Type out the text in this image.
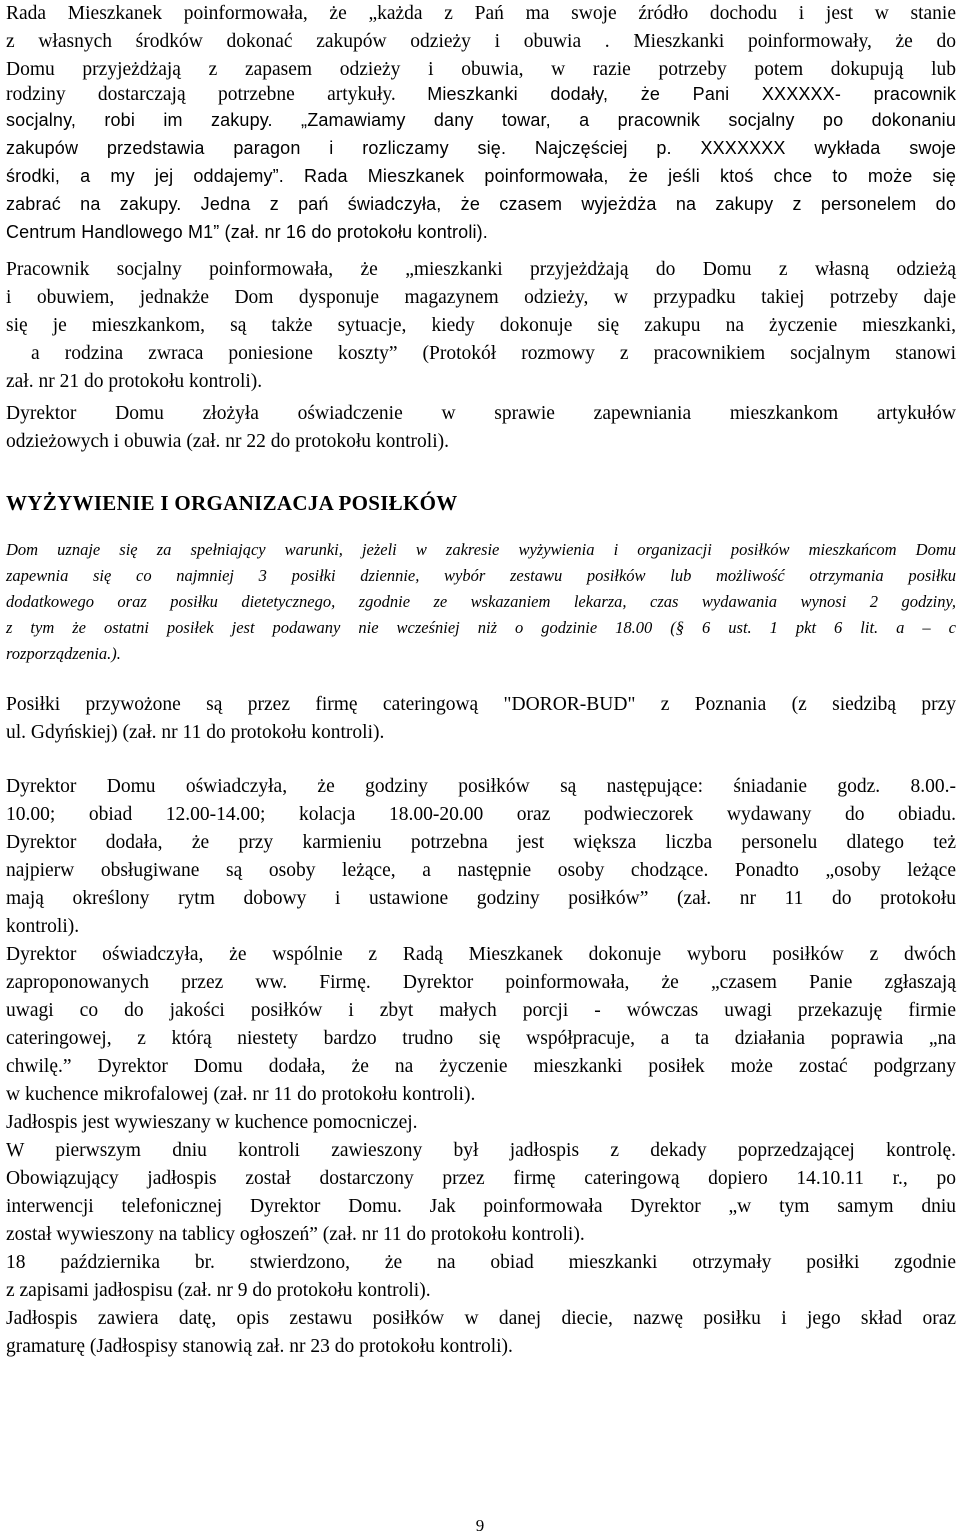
Rada Mieszkanek poinformowała, że „każda z Pań ma swoje źródło dochodu i jest w stanie
z własnych środków dokonać zakupów odzieży i obuwia . Mieszkanki poinformowały, że do
Domu przyjeżdżają z zapasem odzieży i obuwia, w razie potrzeby potem dokupują lub
rodziny dostarczają potrzebne artykuły. Mieszkanki dodały, że Pani XXXXXX- pracownik
socjalny, robi im zakupy. „Zamawiamy dany towar, a pracownik socjalny po dokonaniu
zakupów przedstawia paragon i rozliczamy się. Najczęściej p. XXXXXXX wykłada swoje
środki, a my jej oddajemy”. Rada Mieszkanek poinformowała, że jeśli ktoś chce to może się
zabrać na zakupy. Jedna z pań świadczyła, że czasem wyjeżdża na zakupy z personelem do
Centrum Handlowego M1” (zał. nr 16 do protokołu kontroli).
Pracownik socjalny poinformowała, że „mieszkanki przyjeżdżają do Domu z własną odzieżą
i obuwiem, jednakże Dom dysponuje magazynem odzieży, w przypadku takiej potrzeby daje
się je mieszkankom, są także sytuacje, kiedy dokonuje się zakupu na życzenie mieszkanki,
a rodzina zwraca poniesione koszty” (Protokół rozmowy z pracownikiem socjalnym stanowi
zał. nr 21 do protokołu kontroli).
Dyrektor Domu złożyła oświadczenie w sprawie zapewniania mieszkankom artykułów
odzieżowych i obuwia (zał. nr 22 do protokołu kontroli).
WYŻYWIENIE I ORGANIZACJA POSIŁKÓW
Dom uznaje się za spełniający warunki, jeżeli w zakresie wyżywienia i organizacji posiłków mieszkańcom Domu
zapewnia się co najmniej 3 posiłki dziennie, wybór zestawu posiłków lub możliwość otrzymania posiłku
dodatkowego oraz posiłku dietetycznego, zgodnie ze wskazaniem lekarza, czas wydawania wynosi 2 godziny,
z tym że ostatni posiłek jest podawany nie wcześniej niż o godzinie 18.00 (§ 6 ust. 1 pkt 6 lit. a – c
rozporządzenia.).
Posiłki przywożone są przez firmę cateringową "DOROR-BUD" z Poznania (z siedzibą przy
ul. Gdyńskiej) (zał. nr 11 do protokołu kontroli).
Dyrektor Domu oświadczyła, że godziny posiłków są następujące: śniadanie godz. 8.00.-
10.00; obiad 12.00-14.00; kolacja 18.00-20.00 oraz podwieczorek wydawany do obiadu.
Dyrektor dodała, że przy karmieniu potrzebna jest większa liczba personelu dlatego też
najpierw obsługiwane są osoby leżące, a następnie osoby chodzące. Ponadto „osoby leżące
mają określony rytm dobowy i ustawione godziny posiłków” (zał. nr 11 do protokołu
kontroli).
Dyrektor oświadczyła, że wspólnie z Radą Mieszkanek dokonuje wyboru posiłków z dwóch
zaproponowanych przez ww. Firmę. Dyrektor poinformowała, że „czasem Panie zgłaszają
uwagi co do jakości posiłków i zbyt małych porcji - wówczas uwagi przekazuję firmie
cateringowej, z którą niestety bardzo trudno się współpracuje, a ta działania poprawia „na
chwilę.” Dyrektor Domu dodała, że na życzenie mieszkanki posiłek może zostać podgrzany
w kuchence mikrofalowej (zał. nr 11 do protokołu kontroli).
Jadłospis jest wywieszany w kuchence pomocniczej.
W pierwszym dniu kontroli zawieszony był jadłospis z dekady poprzedzającej kontrolę.
Obowiązujący jadłospis został dostarczony przez firmę cateringową dopiero 14.10.11 r., po
interwencji telefonicznej Dyrektor Domu. Jak poinformowała Dyrektor „w tym samym dniu
został wywieszony na tablicy ogłoszeń” (zał. nr 11 do protokołu kontroli).
18 października br. stwierdzono, że na obiad mieszkanki otrzymały posiłki zgodnie
z zapisami jadłospisu (zał. nr 9 do protokołu kontroli).
Jadłospis zawiera datę, opis zestawu posiłków w danej diecie, nazwę posiłku i jego skład oraz
gramaturę (Jadłospisy stanowią zał. nr 23 do protokołu kontroli).
9
